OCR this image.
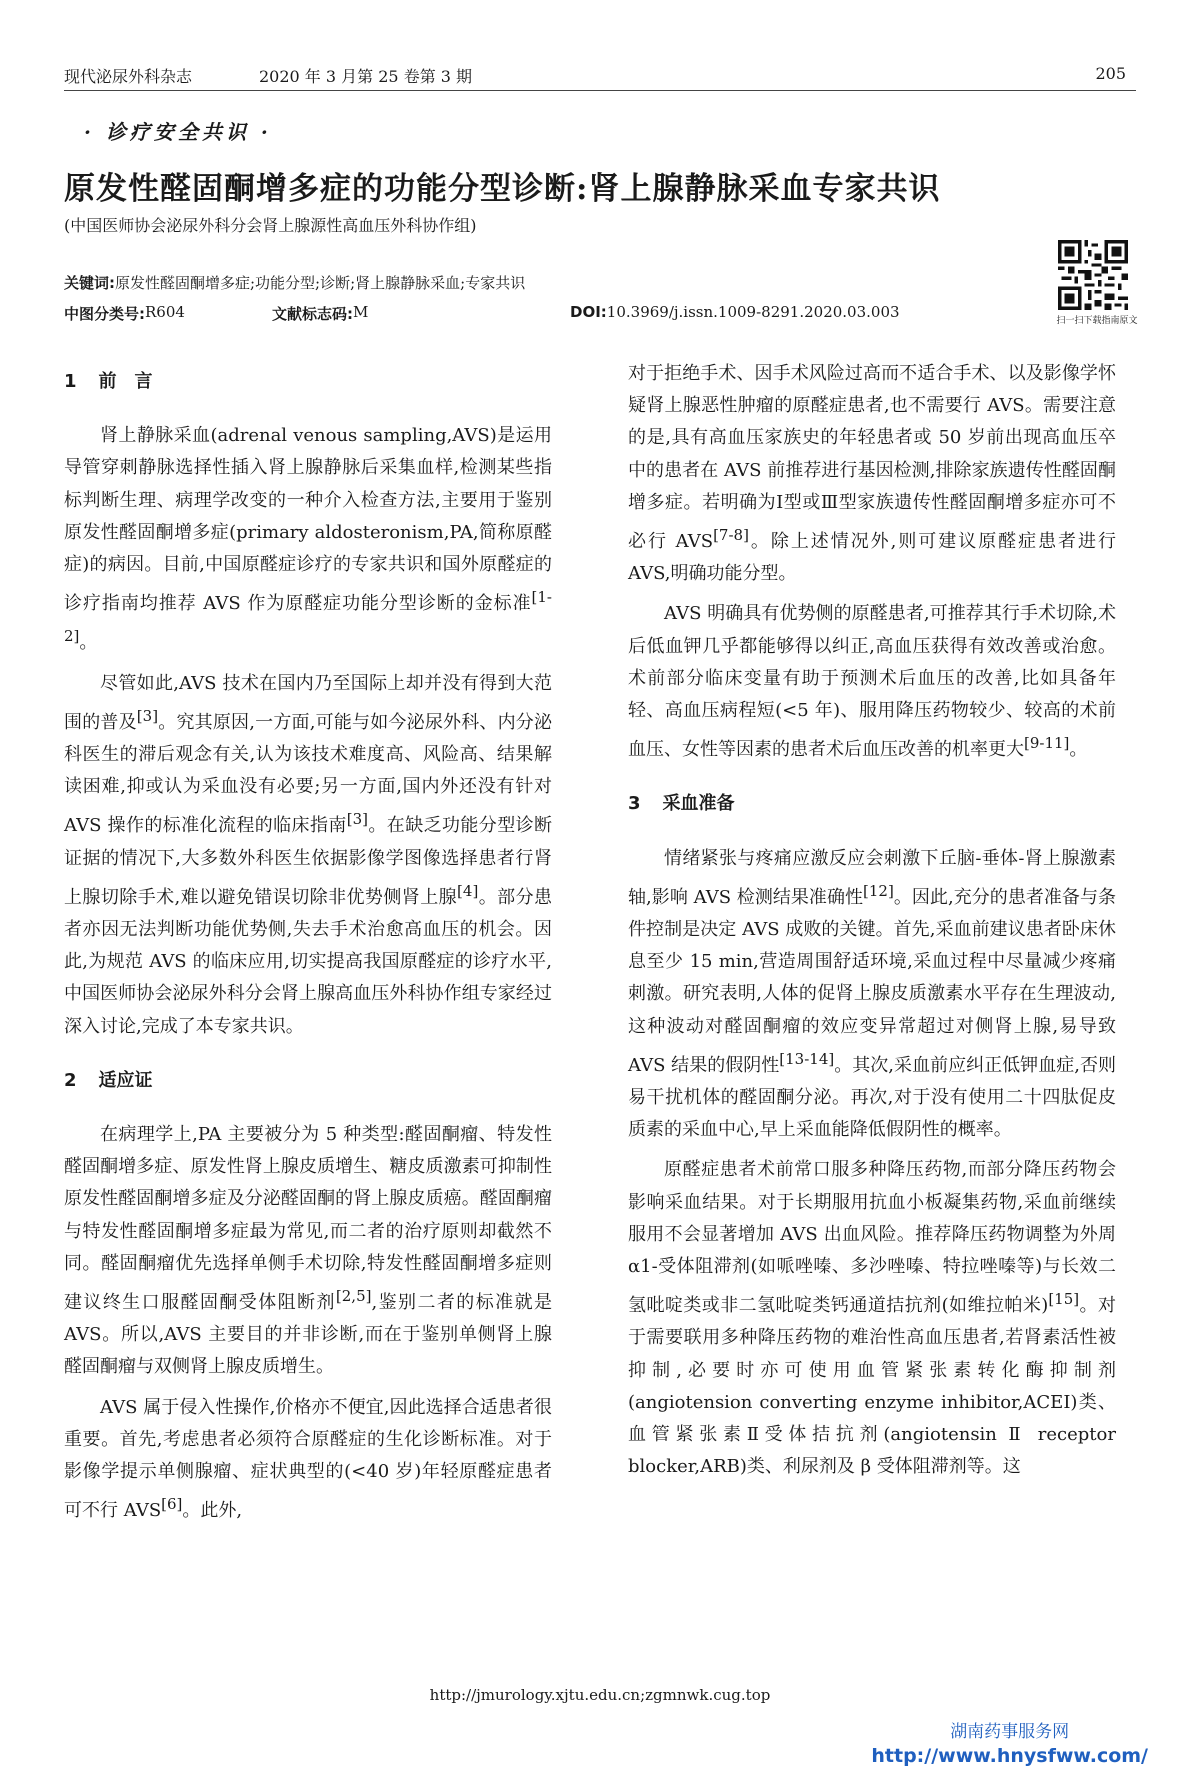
现代泌尿外科杂志	2020 年 3 月第 25 卷第 3 期	205
· 诊疗安全共识 ·
原发性醛固酮增多症的功能分型诊断:肾上腺静脉采血专家共识
(中国医师协会泌尿外科分会肾上腺源性高血压外科协作组)
扫一扫下载指南原文
关键词:原发性醛固酮增多症;功能分型;诊断;肾上腺静脉采血;专家共识
中图分类号: R604	文献标志码: M	DOI: 10.3969/j.issn.1009-8291.2020.03.003
1 前　言

肾上静脉采血(adrenal venous sampling,AVS)是运用导管穿刺静脉选择性插入肾上腺静脉后采集血样,检测某些指标判断生理、病理学改变的一种介入检查方法,主要用于鉴别原发性醛固酮增多症(primary aldosteronism,PA,简称原醛症)的病因。目前,中国原醛症诊疗的专家共识和国外原醛症的诊疗指南均推荐 AVS 作为原醛症功能分型诊断的金标准[1-2]。

尽管如此,AVS 技术在国内乃至国际上却并没有得到大范围的普及[3]。究其原因,一方面,可能与如今泌尿外科、内分泌科医生的滞后观念有关,认为该技术难度高、风险高、结果解读困难,抑或认为采血没有必要;另一方面,国内外还没有针对 AVS 操作的标准化流程的临床指南[3]。在缺乏功能分型诊断证据的情况下,大多数外科医生依据影像学图像选择患者行肾上腺切除手术,难以避免错误切除非优势侧肾上腺[4]。部分患者亦因无法判断功能优势侧,失去手术治愈高血压的机会。因此,为规范 AVS 的临床应用,切实提高我国原醛症的诊疗水平,中国医师协会泌尿外科分会肾上腺高血压外科协作组专家经过深入讨论,完成了本专家共识。

2 适应证

在病理学上,PA 主要被分为 5 种类型:醛固酮瘤、特发性醛固酮增多症、原发性肾上腺皮质增生、糖皮质激素可抑制性原发性醛固酮增多症及分泌醛固酮的肾上腺皮质癌。醛固酮瘤与特发性醛固酮增多症最为常见,而二者的治疗原则却截然不同。醛固酮瘤优先选择单侧手术切除,特发性醛固酮增多症则建议终生口服醛固酮受体阻断剂[2,5],鉴别二者的标准就是 AVS。所以,AVS 主要目的并非诊断,而在于鉴别单侧肾上腺醛固酮瘤与双侧肾上腺皮质增生。

AVS 属于侵入性操作,价格亦不便宜,因此选择合适患者很重要。首先,考虑患者必须符合原醛症的生化诊断标准。对于影像学提示单侧腺瘤、症状典型的(<40 岁)年轻原醛症患者可不行 AVS[6]。此外,

对于拒绝手术、因手术风险过高而不适合手术、以及影像学怀疑肾上腺恶性肿瘤的原醛症患者,也不需要行 AVS。需要注意的是,具有高血压家族史的年轻患者或 50 岁前出现高血压卒中的患者在 AVS 前推荐进行基因检测,排除家族遗传性醛固酮增多症。若明确为Ⅰ型或Ⅲ型家族遗传性醛固酮增多症亦可不必行 AVS[7-8]。除上述情况外,则可建议原醛症患者进行 AVS,明确功能分型。

AVS 明确具有优势侧的原醛患者,可推荐其行手术切除,术后低血钾几乎都能够得以纠正,高血压获得有效改善或治愈。术前部分临床变量有助于预测术后血压的改善,比如具备年轻、高血压病程短(<5 年)、服用降压药物较少、较高的术前血压、女性等因素的患者术后血压改善的机率更大[9-11]。

3 采血准备

情绪紧张与疼痛应激反应会刺激下丘脑-垂体-肾上腺激素轴,影响 AVS 检测结果准确性[12]。因此,充分的患者准备与条件控制是决定 AVS 成败的关键。首先,采血前建议患者卧床休息至少 15 min,营造周围舒适环境,采血过程中尽量减少疼痛刺激。研究表明,人体的促肾上腺皮质激素水平存在生理波动,这种波动对醛固酮瘤的效应变异常超过对侧肾上腺,易导致 AVS 结果的假阴性[13-14]。其次,采血前应纠正低钾血症,否则易干扰机体的醛固酮分泌。再次,对于没有使用二十四肽促皮质素的采血中心,早上采血能降低假阴性的概率。

原醛症患者术前常口服多种降压药物,而部分降压药物会影响采血结果。对于长期服用抗血小板凝集药物,采血前继续服用不会显著增加 AVS 出血风险。推荐降压药物调整为外周 α1-受体阻滞剂(如哌唑嗪、多沙唑嗪、特拉唑嗪等)与长效二氢吡啶类或非二氢吡啶类钙通道拮抗剂(如维拉帕米)[15]。对于需要联用多种降压药物的难治性高血压患者,若肾素活性被抑制,必要时亦可使用血管紧张素转化酶抑制剂(angiotension converting enzyme inhibitor,ACEI)类、血管紧张素Ⅱ受体拮抗剂(angiotensin Ⅱ receptor blocker,ARB)类、利尿剂及 β 受体阻滞剂等。这

http://jmurology.xjtu.edu.cn;zgmnwk.cug.top
湖南药事服务网
http://www.hnysfww.com/
